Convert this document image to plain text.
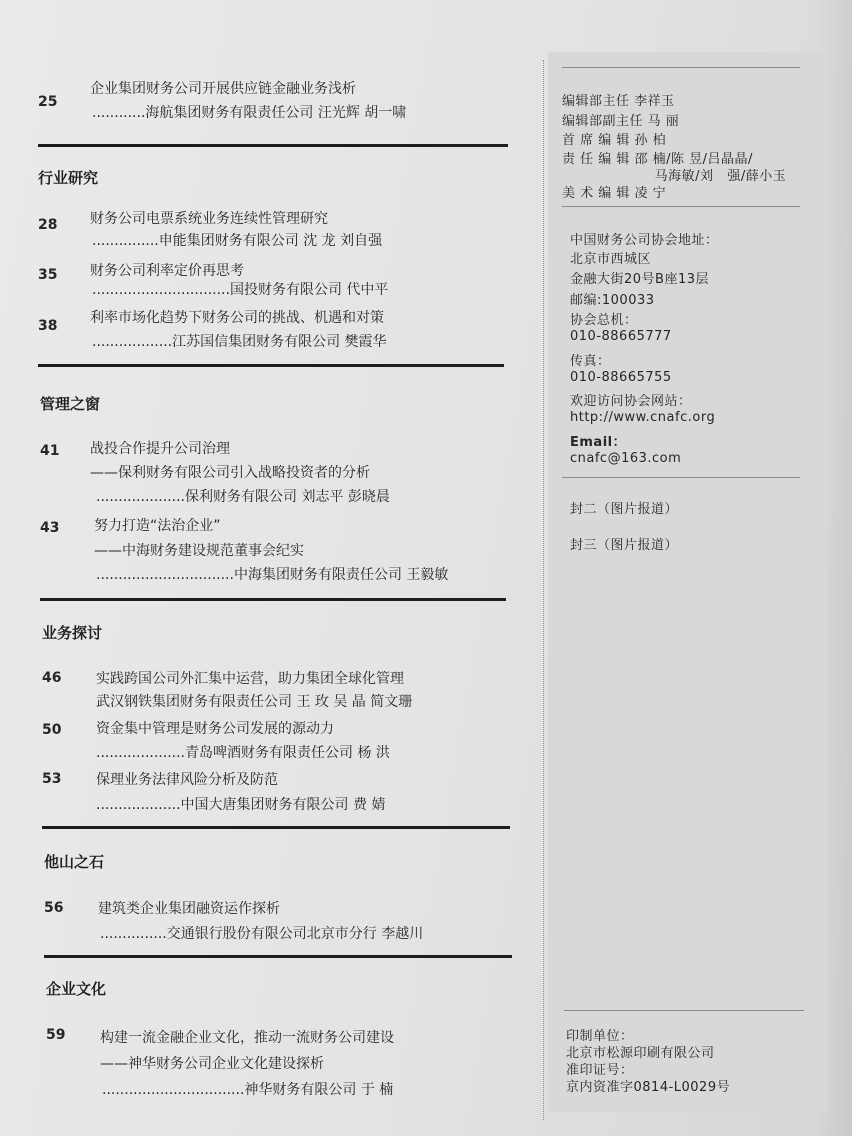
25
企业集团财务公司开展供应链金融业务浅析
............海航集团财务有限责任公司 汪光辉 胡一啸
行业研究
28 财务公司电票系统业务连续性管理研究
...............申能集团财务有限公司 沈 龙 刘自强
35 财务公司利率定价再思考
...............................国投财务有限公司 代中平
38 利率市场化趋势下财务公司的挑战、机遇和对策
..................江苏国信集团财务有限公司 樊霞华
管理之窗
41 战投合作提升公司治理
——保利财务有限公司引入战略投资者的分析
....................保利财务有限公司 刘志平 彭晓晨
43 努力打造“法治企业”
——中海财务建设规范董事会纪实
...............................中海集团财务有限责任公司 王毅敏
业务探讨
46 实践跨国公司外汇集中运营，助力集团全球化管理
武汉钢铁集团财务有限责任公司 王 玫 吴 晶 简文珊
50 资金集中管理是财务公司发展的源动力
....................青岛啤酒财务有限责任公司 杨 洪
53 保理业务法律风险分析及防范
...................中国大唐集团财务有限公司 费 婧
他山之石
56 建筑类企业集团融资运作探析
...............交通银行股份有限公司北京市分行 李越川
企业文化
59 构建一流金融企业文化，推动一流财务公司建设
——神华财务公司企业文化建设探析
................................神华财务有限公司 于 楠
编辑部主任 李祥玉
编辑部副主任 马 丽
首 席 编 辑 孙 柏
责 任 编 辑 邵 楠/陈 昱/吕晶晶/
马海敏/刘   强/薛小玉
美 术 编 辑 凌 宁
中国财务公司协会地址：
北京市西城区
金融大街20号B座13层
邮编:100033
协会总机：
010-88665777
传真：
010-88665755
欢迎访问协会网站：
http://www.cnafc.org
Email：
cnafc@163.com
封二（图片报道）
封三（图片报道）
印制单位：
北京市松源印刷有限公司
准印证号：
京内资准字0814-L0029号
